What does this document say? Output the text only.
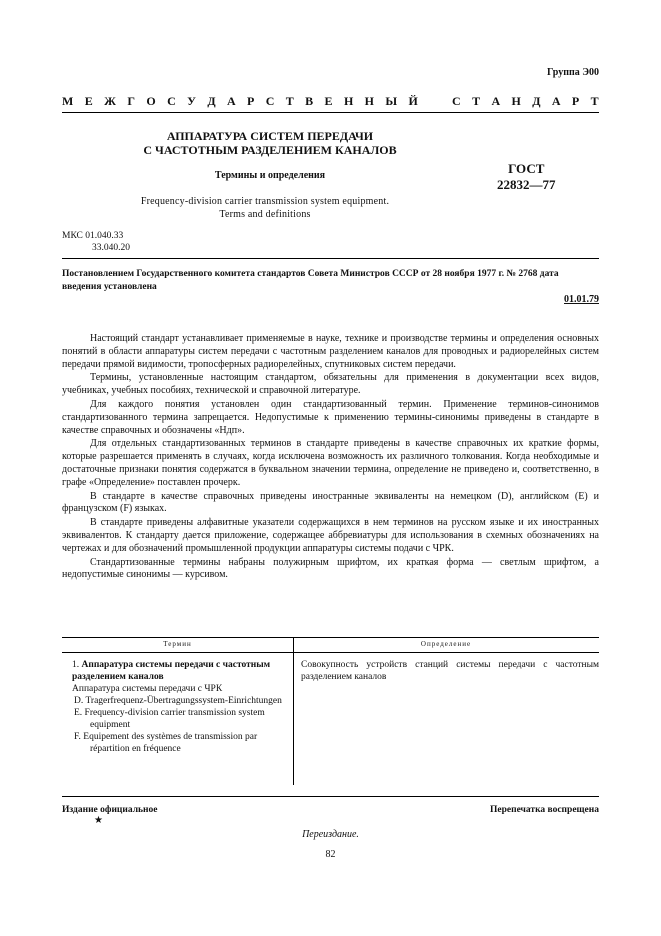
Группа Э00
М Е Ж Г О С У Д А Р С Т В Е Н Н Ы Й	С Т А Н Д А Р Т
АППАРАТУРА СИСТЕМ ПЕРЕДАЧИ
С ЧАСТОТНЫМ РАЗДЕЛЕНИЕМ КАНАЛОВ
Термины и определения
Frequency-division carrier transmission system equipment.
Terms and definitions
ГОСТ
22832—77
МКС 01.040.33
33.040.20
Постановлением Государственного комитета стандартов Совета Министров СССР от 28 ноября 1977 г. № 2768 дата введения установлена
01.01.79

Настоящий стандарт устанавливает применяемые в науке, технике и производстве термины и определения основных понятий в области аппаратуры систем передачи с частотным разделением каналов для проводных и радиорелейных систем передачи прямой видимости, тропосферных радиорелейных, спутниковых систем передачи.

Термины, установленные настоящим стандартом, обязательны для применения в документации всех видов, учебниках, учебных пособиях, технической и справочной литературе.

Для каждого понятия установлен один стандартизованный термин. Применение терминов-синонимов стандартизованного термина запрещается. Недопустимые к применению термины-синонимы приведены в стандарте в качестве справочных и обозначены «Ндп».

Для отдельных стандартизованных терминов в стандарте приведены в качестве справочных их краткие формы, которые разрешается применять в случаях, когда исключена возможность их различного толкования. Когда необходимые и достаточные признаки понятия содержатся в буквальном значении термина, определение не приведено и, соответственно, в графе «Определение» поставлен прочерк.

В стандарте в качестве справочных приведены иностранные эквиваленты на немецком (D), английском (E) и французском (F) языках.

В стандарте приведены алфавитные указатели содержащихся в нем терминов на русском языке и их иностранных эквивалентов. К стандарту дается приложение, содержащее аббревиатуры для использования в схемных обозначениях на чертежах и для обозначений промышленной продукции аппаратуры системы подачи с ЧРК.

Стандартизованные термины набраны полужирным шрифтом, их краткая форма — светлым шрифтом, а недопустимые синонимы — курсивом.

Термин	Определение
1. Аппаратура системы передачи с частотным разделением каналов
Аппаратура системы передачи с ЧРК
D. Tragerfrequenz-Übertragungssystem-Einrichtungen
E. Frequency-division carrier transmission system equipment
F. Equipement des systèmes de transmission par répartition en fréquence
Совокупность устройств станций системы передачи с частотным разделением каналов
Издание официальное
★
Перепечатка воспрещена
Переиздание.
82
